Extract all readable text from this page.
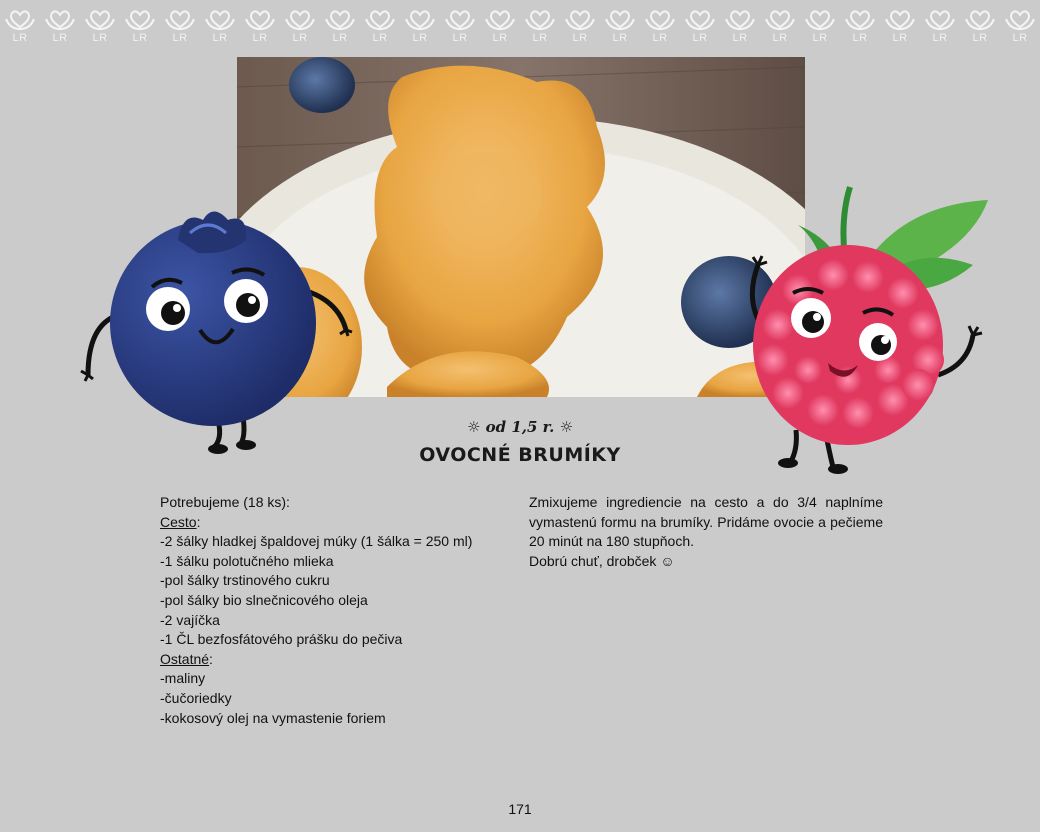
LR LR LR LR LR LR LR LR LR LR LR LR LR LR LR LR LR LR LR LR LR LR LR LR LR LR
☼ od 1,5 r. ☼
OVOCNÉ BRUMÍKY
Potrebujeme (18 ks):
Cesto:
-2 šálky hladkej špaldovej múky (1 šálka = 250 ml)
-1 šálku polotučného mlieka
-pol šálky trstinového cukru
-pol šálky bio slnečnicového oleja
-2 vajíčka
-1 ČL bezfosfátového prášku do pečiva
Ostatné:
-maliny
-čučoriedky
-kokosový olej na vymastenie foriem
Zmixujeme ingrediencie na cesto a do 3/4 naplníme vymastenú formu na brumíky. Pridáme ovocie a pečieme 20 minút na 180 stupňoch.
Dobrú chuť, drobček ☺
171
